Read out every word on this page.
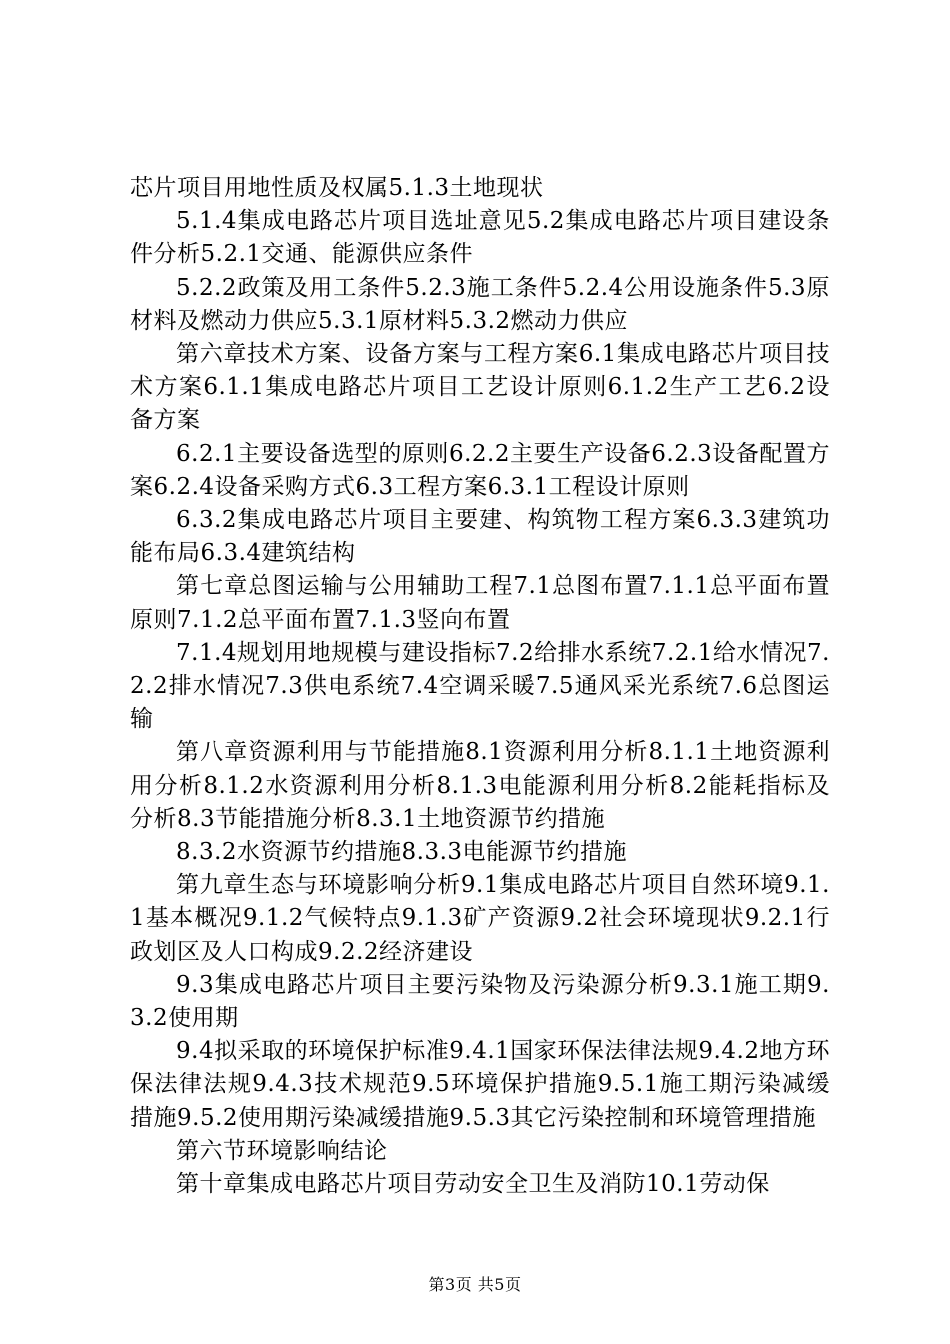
芯片项目用地性质及权属5.1.3土地现状

5.1.4集成电路芯片项目选址意见5.2集成电路芯片项目建设条件分析5.2.1交通、能源供应条件

5.2.2政策及用工条件5.2.3施工条件5.2.4公用设施条件5.3原材料及燃动力供应5.3.1原材料5.3.2燃动力供应

第六章技术方案、设备方案与工程方案6.1集成电路芯片项目技术方案6.1.1集成电路芯片项目工艺设计原则6.1.2生产工艺6.2设备方案

6.2.1主要设备选型的原则6.2.2主要生产设备6.2.3设备配置方案6.2.4设备采购方式6.3工程方案6.3.1工程设计原则

6.3.2集成电路芯片项目主要建、构筑物工程方案6.3.3建筑功能布局6.3.4建筑结构

第七章总图运输与公用辅助工程7.1总图布置7.1.1总平面布置原则7.1.2总平面布置7.1.3竖向布置

7.1.4规划用地规模与建设指标7.2给排水系统7.2.1给水情况7.2.2排水情况7.3供电系统7.4空调采暖7.5通风采光系统7.6总图运输

第八章资源利用与节能措施8.1资源利用分析8.1.1土地资源利用分析8.1.2水资源利用分析8.1.3电能源利用分析8.2能耗指标及分析8.3节能措施分析8.3.1土地资源节约措施

8.3.2水资源节约措施8.3.3电能源节约措施

第九章生态与环境影响分析9.1集成电路芯片项目自然环境9.1.1基本概况9.1.2气候特点9.1.3矿产资源9.2社会环境现状9.2.1行政划区及人口构成9.2.2经济建设

9.3集成电路芯片项目主要污染物及污染源分析9.3.1施工期9.3.2使用期

9.4拟采取的环境保护标准9.4.1国家环保法律法规9.4.2地方环保法律法规9.4.3技术规范9.5环境保护措施9.5.1施工期污染减缓措施9.5.2使用期污染减缓措施9.5.3其它污染控制和环境管理措施

第六节环境影响结论

第十章集成电路芯片项目劳动安全卫生及消防10.1劳动保

第3页 共5页
